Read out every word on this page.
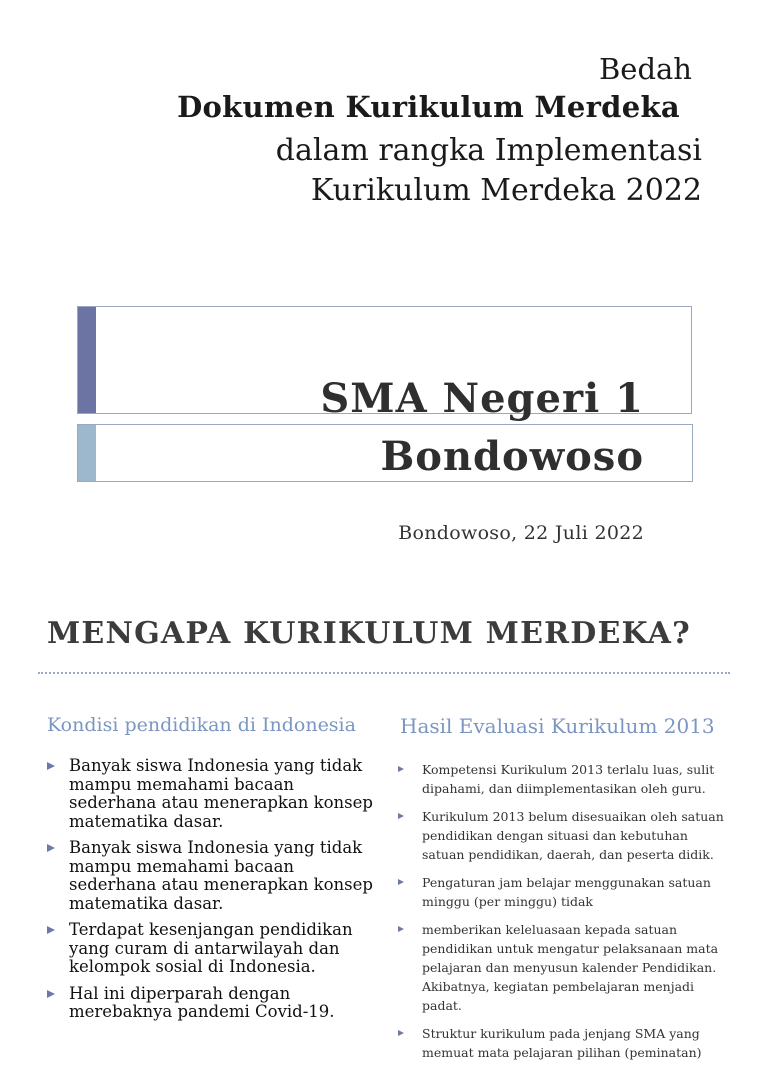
Bedah
Dokumen Kurikulum Merdeka
dalam rangka Implementasi
Kurikulum Merdeka 2022
SMA Negeri 1
Bondowoso
Bondowoso, 22 Juli 2022
MENGAPA KURIKULUM MERDEKA?
Kondisi pendidikan di Indonesia Hasil Evaluasi Kurikulum 2013
Banyak siswa Indonesia yang tidak mampu memahami bacaan sederhana atau menerapkan konsep matematika dasar.
Banyak siswa Indonesia yang tidak mampu memahami bacaan sederhana atau menerapkan konsep matematika dasar.
Terdapat kesenjangan pendidikan yang curam di antarwilayah dan kelompok sosial di Indonesia.
Hal ini diperparah dengan merebaknya pandemi Covid-19.
Kompetensi Kurikulum 2013 terlalu luas, sulit dipahami, dan diimplementasikan oleh guru.
Kurikulum 2013 belum disesuaikan oleh satuan pendidikan dengan situasi dan kebutuhan satuan pendidikan, daerah, dan peserta didik.
Pengaturan jam belajar menggunakan satuan minggu (per minggu) tidak
memberikan keleluasaan kepada satuan pendidikan untuk mengatur pelaksanaan mata pelajaran dan menyusun kalender Pendidikan. Akibatnya, kegiatan pembelajaran menjadi padat.
Struktur kurikulum pada jenjang SMA yang memuat mata pelajaran pilihan (peminatan)
